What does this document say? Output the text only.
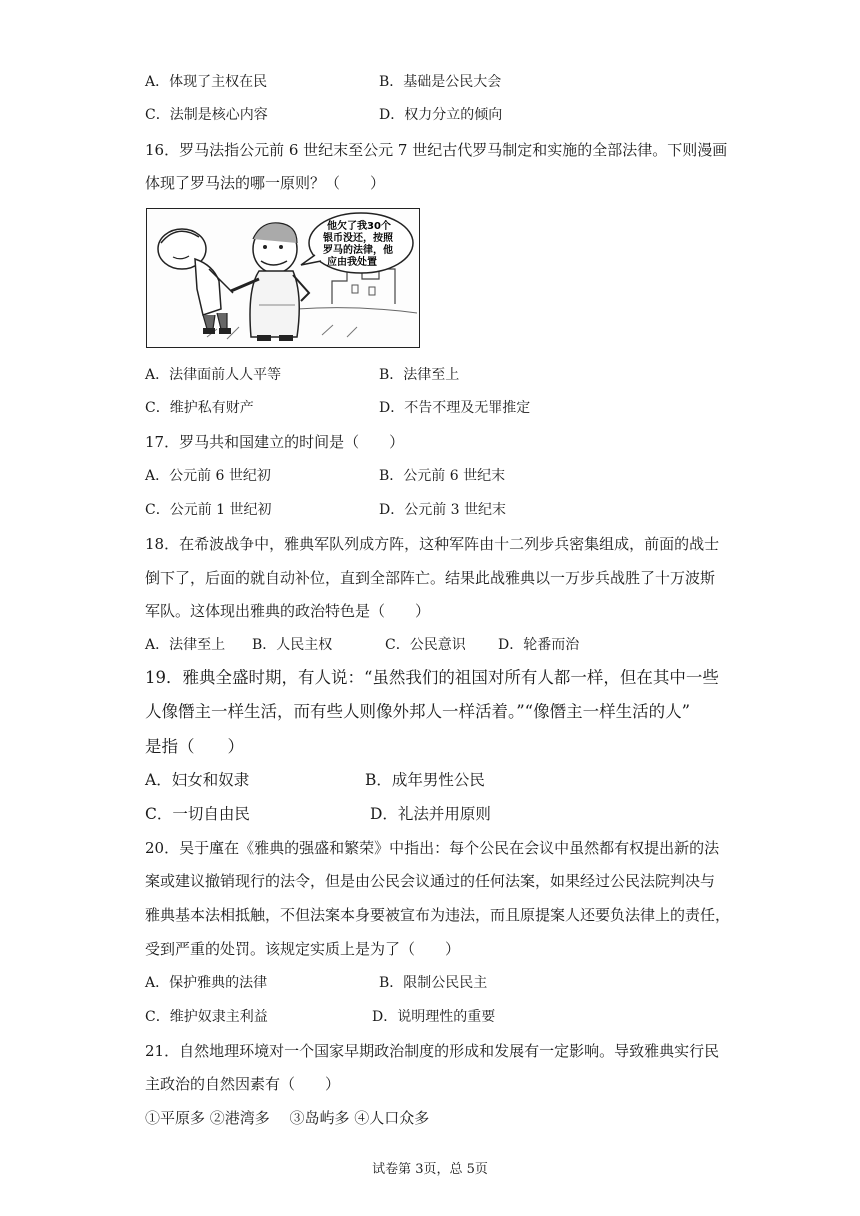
A．体现了主权在民	B．基础是公民大会
C．法制是核心内容	D．权力分立的倾向
16．罗马法指公元前 6 世纪末至公元 7 世纪古代罗马制定和实施的全部法律。下则漫画
体现了罗马法的哪一原则？（　　）
他欠了我30个
银币没还，按照
罗马的法律，他
应由我处置
A．法律面前人人平等	B．法律至上
C．维护私有财产	D．不告不理及无罪推定
17．罗马共和国建立的时间是（　　）
A．公元前 6 世纪初	B．公元前 6 世纪末
C．公元前 1 世纪初	D．公元前 3 世纪末
18．在希波战争中，雅典军队列成方阵，这种军阵由十二列步兵密集组成，前面的战士
倒下了，后面的就自动补位，直到全部阵亡。结果此战雅典以一万步兵战胜了十万波斯
军队。这体现出雅典的政治特色是（　　）
A．法律至上 B．人民主权	C．公民意识 D．轮番而治
19．雅典全盛时期，有人说：“虽然我们的祖国对所有人都一样，但在其中一些
人像僭主一样生活，而有些人则像外邦人一样活着。”“像僭主一样生活的人”
是指（　　）
A．妇女和奴隶	B．成年男性公民
C．一切自由民	D．礼法并用原则
20．吴于廑在《雅典的强盛和繁荣》中指出：每个公民在会议中虽然都有权提出新的法
案或建议撤销现行的法令，但是由公民会议通过的任何法案，如果经过公民法院判决与
雅典基本法相抵触，不但法案本身要被宣布为违法，而且原提案人还要负法律上的责任，
受到严重的处罚。该规定实质上是为了（　　）
A．保护雅典的法律	B．限制公民民主
C．维护奴隶主利益	D．说明理性的重要
21．自然地理环境对一个国家早期政治制度的形成和发展有一定影响。导致雅典实行民
主政治的自然因素有（　　）
①平原多 ②港湾多　 ③岛屿多 ④人口众多
试卷第 3页，总 5页
